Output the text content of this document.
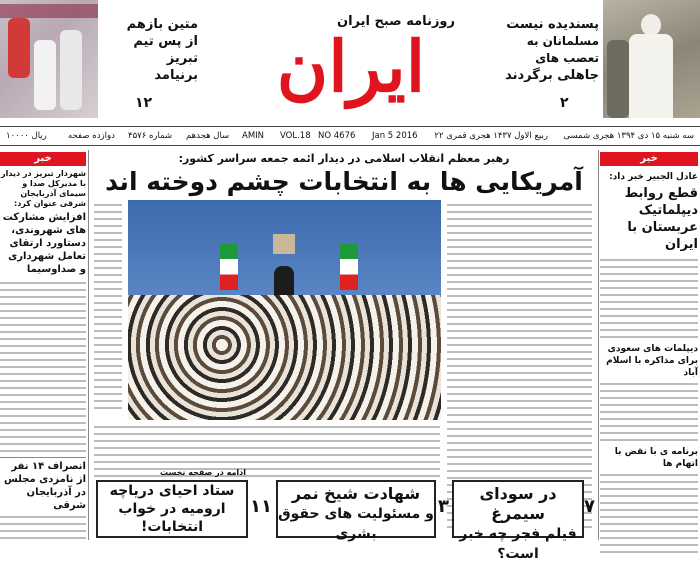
متین بازهم
از پس تیم تبریز
برنیامد
۱۲
روزنامه صبح ایران
ایران
پسندیده نیست
مسلمانان به تعصب های
جاهلی برگردند
۲
سه شنبه ۱۵ دی ۱۳۹۴ هجری شمسی
۲۲ ربیع الاول ۱۴۳۷ هجری قمری
Jan 5 2016
NO 4676
VOL.18
AMIN
سال هجدهم
شماره ۴۵۷۶
دوازده صفحه
۱۰۰۰۰ ریال
خبر
عادل الجبیر خبر داد:
قطع روابط دیپلماتیک عربستان با ایران
دیپلمات های سعودی برای مذاکره با اسلام آباد
برنامه ی با نقض با اتهام ها
خبر
شهردار تبریز در دیدار با مدیرکل صدا و سیمای آذربایجان شرقی عنوان کرد:
افزایش مشارکت های شهروندی، دستاورد ارتقای تعامل شهرداری و صداوسیما
انصراف ۱۴ نفر از نامزدی مجلس در آذربایجان شرقی
رهبر معظم انقلاب اسلامی در دیدار ائمه جمعه سراسر کشور:
آمریکایی ها به انتخابات چشم دوخته اند
ادامه در صفحه نخست
در سودای سیمرغ
فیلم فجر چه خبر است؟
۷
شهادت شیخ نمر
و مسئولیت های حقوق بشری
۳
ستاد احیای دریاچه
ارومیه در خواب
انتخابات!
۱۱
